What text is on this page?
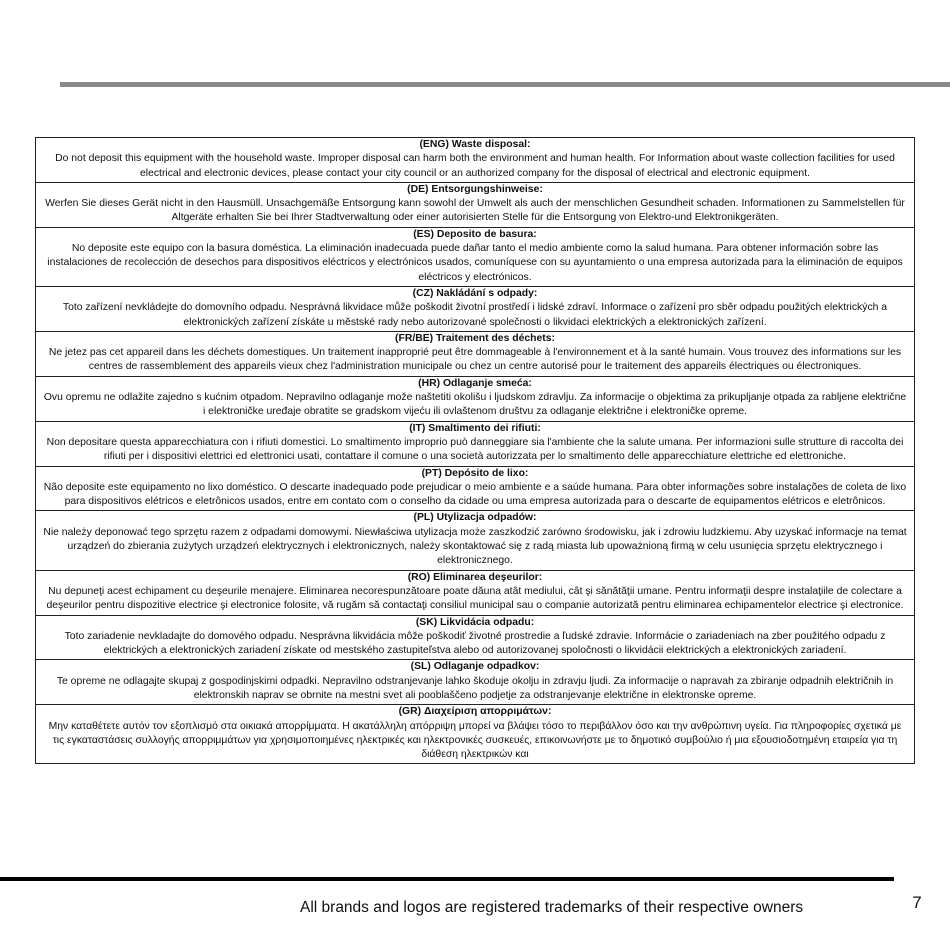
(ENG) Waste disposal:
Do not deposit this equipment with the household waste. Improper disposal can harm both the environment and human health. For Information about waste collection facilities for used electrical and electronic devices, please contact your city council or an authorized company for the disposal of electrical and electronic equipment.

(DE) Entsorgungshinweise:
Werfen Sie dieses Gerät nicht in den Hausmüll. Unsachgemäße Entsorgung kann sowohl der Umwelt als auch der menschlichen Gesundheit schaden. Informationen zu Sammelstellen für Altgeräte erhalten Sie bei Ihrer Stadtverwaltung oder einer autorisierten Stelle für die Entsorgung von Elektro-und Elektronikgeräten.

(ES) Deposito de basura:
No deposite este equipo con la basura doméstica. La eliminación inadecuada puede dañar tanto el medio ambiente como la salud humana. Para obtener información sobre las instalaciones de recolección de desechos para dispositivos eléctricos y electrónicos usados, comuníquese con su ayuntamiento o una empresa autorizada para la eliminación de equipos eléctricos y electrónicos.

(CZ) Nakládání s odpady:
Toto zařízení nevkládejte do domovního odpadu. Nesprávná likvidace může poškodit životní prostředí i lidské zdraví. Informace o zařízení pro sběr odpadu použitých elektrických a elektronických zařízení získáte u městské rady nebo autorizované společnosti o likvidaci elektrických a elektronických zařízení.

(FR/BE) Traitement des déchets:
Ne jetez pas cet appareil dans les déchets domestiques. Un traitement inapproprié peut être dommageable à l'environnement et à la santé humain. Vous trouvez des informations sur les centres de rassemblement des appareils vieux chez l'administration municipale ou chez un centre autorisé pour le traitement des appareils électriques ou électroniques.

(HR) Odlaganje smeća:
Ovu opremu ne odlažite zajedno s kućnim otpadom. Nepravilno odlaganje može naštetiti okolišu i ljudskom zdravlju. Za informacije o objektima za prikupljanje otpada za rabljene električne i elektroničke uređaje obratite se gradskom vijeću ili ovlaštenom društvu za odlaganje električne i elektroničke opreme.

(IT) Smaltimento dei rifiuti:
Non depositare questa apparecchiatura con i rifiuti domestici. Lo smaltimento improprio può danneggiare sia l'ambiente che la salute umana. Per informazioni sulle strutture di raccolta dei rifiuti per i dispositivi elettrici ed elettronici usati, contattare il comune o una società autorizzata per lo smaltimento delle apparecchiature elettriche ed elettroniche.

(PT) Depósito de lixo:
Não deposite este equipamento no lixo doméstico. O descarte inadequado pode prejudicar o meio ambiente e a saúde humana. Para obter informações sobre instalações de coleta de lixo para dispositivos elétricos e eletrônicos usados, entre em contato com o conselho da cidade ou uma empresa autorizada para o descarte de equipamentos elétricos e eletrônicos.

(PL) Utylizacja odpadów:
Nie należy deponować tego sprzętu razem z odpadami domowymi. Niewłaściwa utylizacja może zaszkodzić zarówno środowisku, jak i zdrowiu ludzkiemu. Aby uzyskać informacje na temat urządzeń do zbierania zużytych urządzeń elektrycznych i elektronicznych, należy skontaktować się z radą miasta lub upoważnioną firmą w celu usunięcia sprzętu elektrycznego i elektronicznego.

(RO) Eliminarea deşeurilor:
Nu depuneţi acest echipament cu deşeurile menajere. Eliminarea necorespunzătoare poate dăuna atât mediului, cât şi sănătăţii umane. Pentru informaţii despre instalaţiile de colectare a deşeurilor pentru dispozitive electrice şi electronice folosite, vă rugăm să contactaţi consiliul municipal sau o companie autorizată pentru eliminarea echipamentelor electrice şi electronice.

(SK) Likvidácia odpadu:
Toto zariadenie nevkladajte do domového odpadu. Nesprávna likvidácia môže poškodiť životné prostredie a ľudské zdravie. Informácie o zariadeniach na zber použitého odpadu z elektrických a elektronických zariadení získate od mestského zastupiteľstva alebo od autorizovanej spoločnosti o likvidácii elektrických a elektronických zariadení.

(SL) Odlaganje odpadkov:
Te opreme ne odlagajte skupaj z gospodinjskimi odpadki. Nepravilno odstranjevanje lahko škoduje okolju in zdravju ljudi. Za informacije o napravah za zbiranje odpadnih električnih in elektronskih naprav se obrnite na mestni svet ali pooblaščeno podjetje za odstranjevanje električne in elektronske opreme.

(GR) Διαχείριση απορριμάτων:
Μην καταθέτετε αυτόν τον εξοπλισμό στα οικιακά απορρίμματα. Η ακατάλληλη απόρριψη μπορεί να βλάψει τόσο το περιβάλλον όσο και την ανθρώπινη υγεία. Για πληροφορίες σχετικά με τις εγκαταστάσεις συλλογής απορριμμάτων για χρησιμοποιημένες ηλεκτρικές και ηλεκτρονικές συσκευές, επικοινωνήστε με το δημοτικό συμβούλιο ή μια εξουσιοδοτημένη εταιρεία για τη διάθεση ηλεκτρικών και
All brands and logos are registered trademarks of their respective owners	7
